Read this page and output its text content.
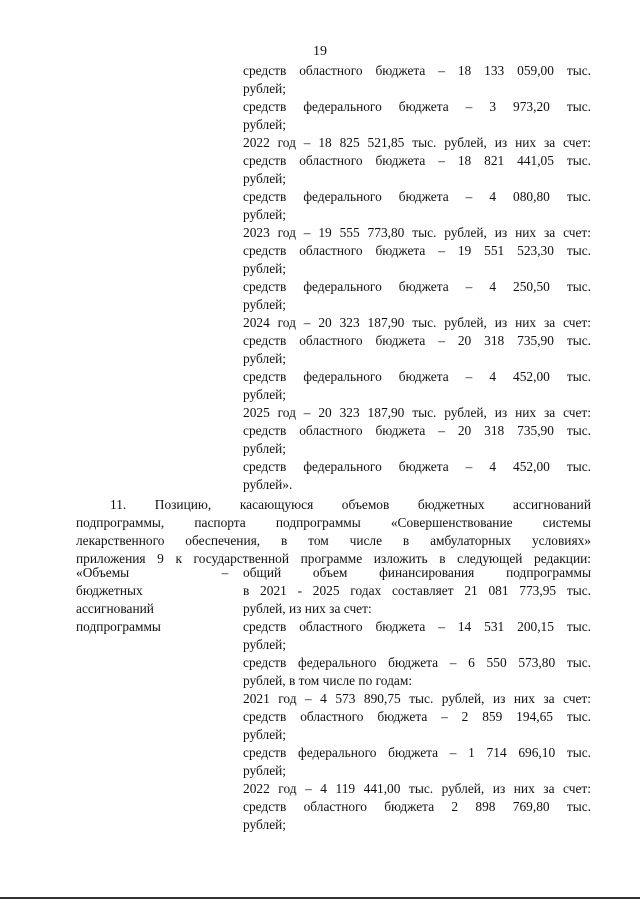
19
средств областного бюджета – 18 133 059,00 тыс.
рублей;
средств федерального бюджета – 3 973,20 тыс.
рублей;
2022 год – 18 825 521,85 тыс. рублей, из них за счет:
средств областного бюджета – 18 821 441,05 тыс.
рублей;
средств федерального бюджета – 4 080,80 тыс.
рублей;
2023 год – 19 555 773,80 тыс. рублей, из них за счет:
средств областного бюджета – 19 551 523,30 тыс.
рублей;
средств федерального бюджета – 4 250,50 тыс.
рублей;
2024 год – 20 323 187,90 тыс. рублей, из них за счет:
средств областного бюджета – 20 318 735,90 тыс.
рублей;
средств федерального бюджета – 4 452,00 тыс.
рублей;
2025 год – 20 323 187,90 тыс. рублей, из них за счет:
средств областного бюджета – 20 318 735,90 тыс.
рублей;
средств федерального бюджета – 4 452,00 тыс.
рублей».
11. Позицию, касающуюся объемов бюджетных ассигнований
подпрограммы, паспорта подпрограммы «Совершенствование системы
лекарственного обеспечения, в том числе в амбулаторных условиях»
приложения 9 к государственной программе изложить в следующей редакции:
«Объемы
бюджетных
ассигнований
подпрограммы
– общий объем финансирования подпрограммы
в 2021 - 2025 годах составляет 21 081 773,95 тыс.
рублей, из них за счет:
средств областного бюджета – 14 531 200,15 тыс.
рублей;
средств федерального бюджета – 6 550 573,80 тыс.
рублей, в том числе по годам:
2021 год – 4 573 890,75 тыс. рублей, из них за счет:
средств областного бюджета – 2 859 194,65 тыс.
рублей;
средств федерального бюджета – 1 714 696,10 тыс.
рублей;
2022 год – 4 119 441,00 тыс. рублей, из них за счет:
средств областного бюджета 2 898 769,80 тыс.
рублей;
